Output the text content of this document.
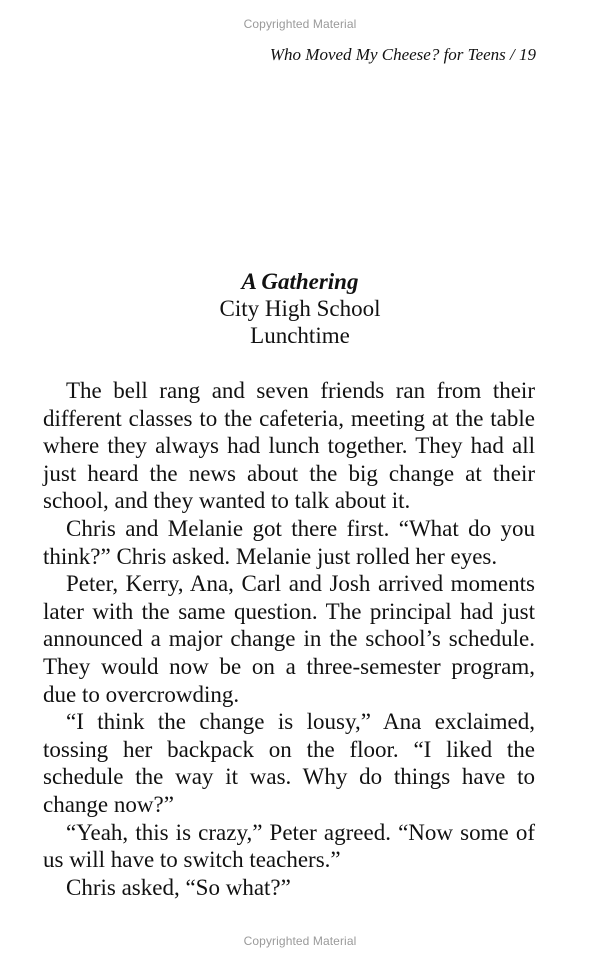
Copyrighted Material
Who Moved My Cheese? for Teens / 19
A Gathering
City High School
Lunchtime

The bell rang and seven friends ran from their different classes to the cafeteria, meeting at the table where they always had lunch together. They had all just heard the news about the big change at their school, and they wanted to talk about it.

Chris and Melanie got there first. “What do you think?” Chris asked. Melanie just rolled her eyes.

Peter, Kerry, Ana, Carl and Josh arrived moments later with the same question. The principal had just announced a major change in the school’s schedule. They would now be on a three-semester program, due to overcrowding.

“I think the change is lousy,” Ana exclaimed, tossing her backpack on the floor. “I liked the schedule the way it was. Why do things have to change now?”

“Yeah, this is crazy,” Peter agreed. “Now some of us will have to switch teachers.”

Chris asked, “So what?”

Copyrighted Material
